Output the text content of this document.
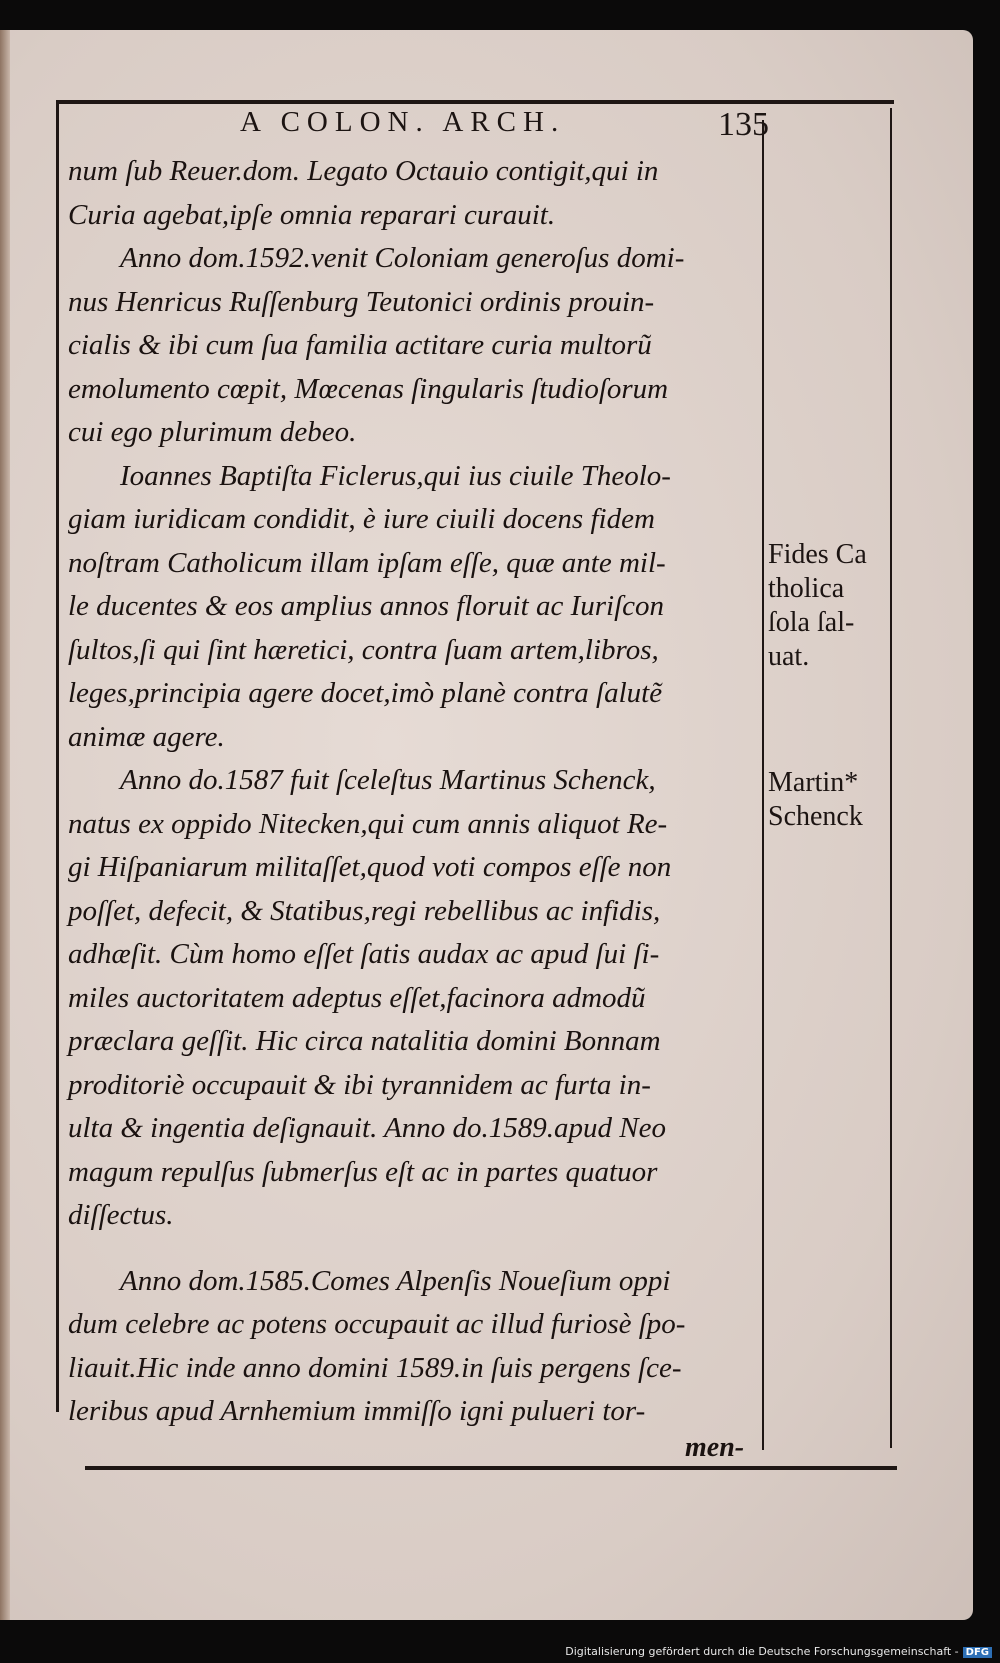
A COLON. ARCH.	135
num ſub Reuer.dom. Legato Octauio contigit,qui in
Curia agebat,ipſe omnia reparari curauit.
Anno dom.1592.venit Coloniam generoſus domi-
nus Henricus Ruſſenburg Teutonici ordinis prouin-
cialis & ibi cum ſua familia actitare curia multorũ
emolumento cœpit, Mœcenas ſingularis ſtudioſorum
cui ego plurimum debeo.
Ioannes Baptiſta Ficlerus,qui ius ciuile Theolo-
giam iuridicam condidit, è iure ciuili docens fidem
noſtram Catholicum illam ipſam eſſe, quæ ante mil-
le ducentes & eos amplius annos floruit ac Iuriſcon
ſultos,ſi qui ſint hæretici, contra ſuam artem,libros,
leges,principia agere docet,imò planè contra ſalutẽ
animæ agere.
Anno do.1587 fuit ſceleſtus Martinus Schenck,
natus ex oppido Nitecken,qui cum annis aliquot Re-
gi Hiſpaniarum militaſſet,quod voti compos eſſe non
poſſet, defecit, & Statibus,regi rebellibus ac infidis,
adhæſit. Cùm homo eſſet ſatis audax ac apud ſui ſi-
miles auctoritatem adeptus eſſet,facinora admodũ
præclara geſſit. Hic circa natalitia domini Bonnam
proditoriè occupauit & ibi tyrannidem ac furta in-
ulta & ingentia deſignauit. Anno do.1589.apud Neo
magum repulſus ſubmerſus eſt ac in partes quatuor
diſſectus.
Anno dom.1585.Comes Alpenſis Noueſium oppi
dum celebre ac potens occupauit ac illud furiosè ſpo-
liauit.Hic inde anno domini 1589.in ſuis pergens ſce-
leribus apud Arnhemium immiſſo igni pulueri tor-
Fides Ca
tholica
ſola ſal-
uat.
Martin*
Schenck
men-
Digitalisierung gefördert durch die Deutsche Forschungsgemeinschaft - DFG
